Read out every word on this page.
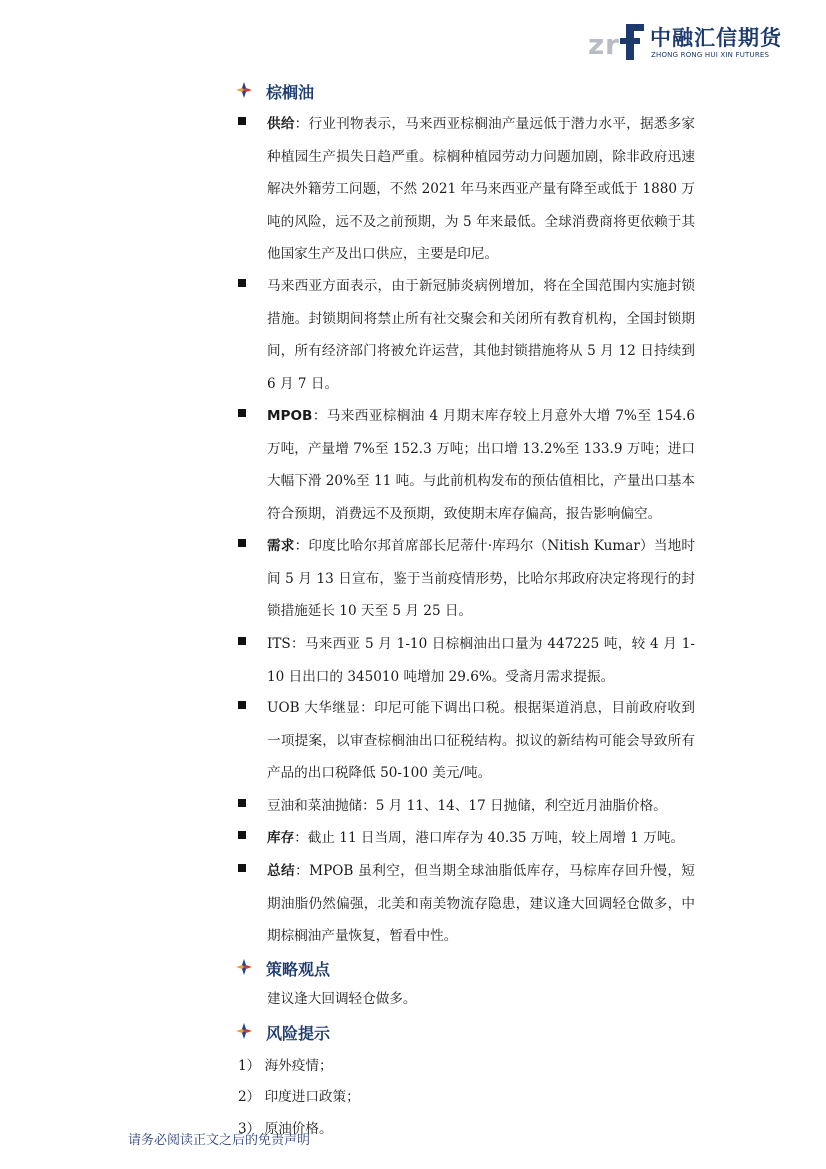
z r 中融汇信期货
ZHONG RONG HUI XIN FUTURES
棕榈油
供给：行业刊物表示，马来西亚棕榈油产量远低于潜力水平，据悉多家种植园生产损失日趋严重。棕榈种植园劳动力问题加剧，除非政府迅速解决外籍劳工问题，不然 2021 年马来西亚产量有降至或低于 1880 万吨的风险，远不及之前预期，为 5 年来最低。全球消费商将更依赖于其他国家生产及出口供应，主要是印尼。
马来西亚方面表示，由于新冠肺炎病例增加，将在全国范围内实施封锁措施。封锁期间将禁止所有社交聚会和关闭所有教育机构，全国封锁期间，所有经济部门将被允许运营，其他封锁措施将从 5 月 12 日持续到 6 月 7 日。
MPOB：马来西亚棕榈油 4 月期末库存较上月意外大增 7%至 154.6 万吨，产量增 7%至 152.3 万吨；出口增 13.2%至 133.9 万吨；进口大幅下滑 20%至 11 吨。与此前机构发布的预估值相比，产量出口基本符合预期，消费远不及预期，致使期末库存偏高，报告影响偏空。
需求：印度比哈尔邦首席部长尼蒂什·库玛尔（Nitish Kumar）当地时间 5 月 13 日宣布，鉴于当前疫情形势，比哈尔邦政府决定将现行的封锁措施延长 10 天至 5 月 25 日。
ITS：马来西亚 5 月 1-10 日棕榈油出口量为 447225 吨，较 4 月 1-10 日出口的 345010 吨增加 29.6%。受斋月需求提振。
UOB 大华继显：印尼可能下调出口税。根据渠道消息，目前政府收到一项提案，以审查棕榈油出口征税结构。拟议的新结构可能会导致所有产品的出口税降低 50-100 美元/吨。
豆油和菜油抛储：5 月 11、14、17 日抛储，利空近月油脂价格。
库存：截止 11 日当周，港口库存为 40.35 万吨，较上周增 1 万吨。
总结：MPOB 虽利空，但当期全球油脂低库存，马棕库存回升慢，短期油脂仍然偏强，北美和南美物流存隐患，建议逢大回调轻仓做多，中期棕榈油产量恢复，暂看中性。
策略观点
建议逢大回调轻仓做多。
风险提示
1） 海外疫情；
2） 印度进口政策；
3） 原油价格。
请务必阅读正文之后的免责声明
